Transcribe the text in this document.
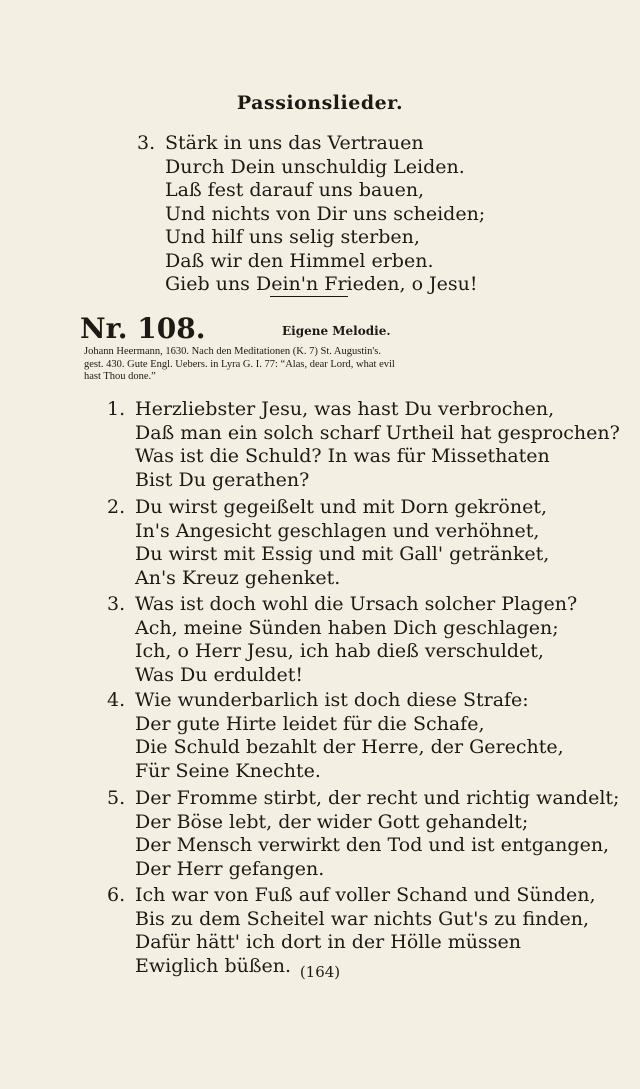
Passionslieder.
3. Stärk in uns das Vertrauen
Durch Dein unschuldig Leiden.
Laß fest darauf uns bauen,
Und nichts von Dir uns scheiden;
Und hilf uns selig sterben,
Daß wir den Himmel erben.
Gieb uns Dein'n Frieden, o Jesu!
Nr. 108.	Eigene Melodie.
Johann Heermann, 1630. Nach den Meditationen (K. 7) St. Augustin's.
gest. 430. Gute Engl. Uebers. in Lyra G. I. 77: “Alas, dear Lord, what evil
hast Thou done.”
1. Herzliebster Jesu, was hast Du verbrochen,
Daß man ein solch scharf Urtheil hat gesprochen?
Was ist die Schuld? In was für Missethaten
Bist Du gerathen?
2. Du wirst gegeißelt und mit Dorn gekrönet,
In's Angesicht geschlagen und verhöhnet,
Du wirst mit Essig und mit Gall' getränket,
An's Kreuz gehenket.
3. Was ist doch wohl die Ursach solcher Plagen?
Ach, meine Sünden haben Dich geschlagen;
Ich, o Herr Jesu, ich hab dieß verschuldet,
Was Du erduldet!
4. Wie wunderbarlich ist doch diese Strafe:
Der gute Hirte leidet für die Schafe,
Die Schuld bezahlt der Herre, der Gerechte,
Für Seine Knechte.
5. Der Fromme stirbt, der recht und richtig wandelt;
Der Böse lebt, der wider Gott gehandelt;
Der Mensch verwirkt den Tod und ist entgangen,
Der Herr gefangen.
6. Ich war von Fuß auf voller Schand und Sünden,
Bis zu dem Scheitel war nichts Gut's zu finden,
Dafür hätt' ich dort in der Hölle müssen
Ewiglich büßen. (164)
